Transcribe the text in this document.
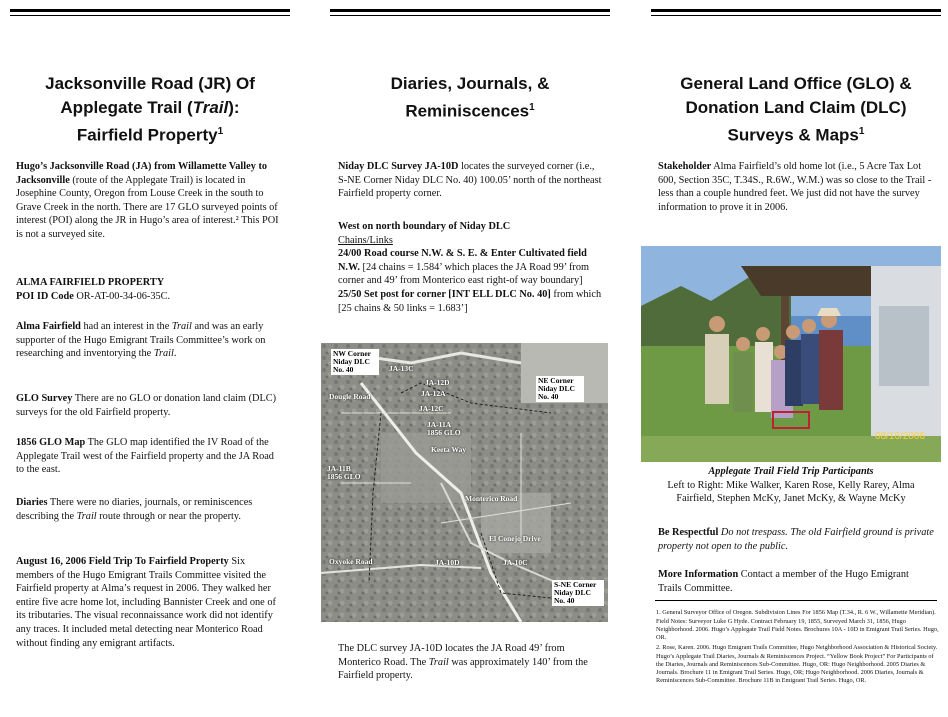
Jacksonville Road (JR) Of
Applegate Trail (Trail):
Fairfield Property$^1$

Hugo’s Jacksonville Road (JA) from Willamette Valley to Jacksonville (route of the Applegate Trail) is located in Josephine County, Oregon from Louse Creek in the south to Grave Creek in the north. There are 17 GLO surveyed points of interest (POI) along the JR in Hugo’s area of interest.² This POI is not a surveyed site.

ALMA FAIRFIELD PROPERTY
POI ID Code OR-AT-00-34-06-35C.

Alma Fairfield had an interest in the Trail and was an early supporter of the Hugo Emigrant Trails Committee’s work on researching and inventorying the Trail.

GLO Survey There are no GLO or donation land claim (DLC) surveys for the old Fairfield property.

1856 GLO Map The GLO map identified the IV Road of the Applegate Trail west of the Fairfield property and the JA Road to the east.

Diaries There were no diaries, journals, or reminiscences describing the Trail route through or near the property.

August 16, 2006 Field Trip To Fairfield Property Six members of the Hugo Emigrant Trails Committee visited the Fairfield property at Alma’s request in 2006. They walked her entire five acre home lot, including Bannister Creek and one of its tributaries. The visual reconnaissance work did not identify any traces. It included metal detecting near Monterico Road without finding any emigrant artifacts.

Diaries, Journals, &
Reminiscences$^1$

Niday DLC Survey JA-10D locates the surveyed corner (i.e., S-NE Corner Niday DLC No. 40) 100.05’ north of the northeast Fairfield property corner.

West on north boundary of Niday DLC
Chains/Links
24/00 Road course N.W. & S. E. & Enter Cultivated field N.W. [24 chains = 1.584’ which places the JA Road 99’ from corner and 49’ from Monterico east right-of way boundary]
25/50 Set post for corner [INT ELL DLC No. 40] from which [25 chains & 50 links = 1.683’]

NW Corner Niday DLC No. 40
NE Corner Niday DLC No. 40
S-NE Corner Niday DLC No. 40
JA-13C
JA-12D
JA-12A
JA-12C
JA-11A 1856 GLO
Keeta Way
JA-11B 1856 GLO
Monterico Road
El Conejo Drive
Oxyoke Road	JA-10D	JA-10C
Dougle Road

The DLC survey JA-10D locates the JA Road 49’ from Monterico Road. The Trail was approximately 140’ from the Fairfield property.

General Land Office (GLO) &
Donation Land Claim (DLC)
Surveys & Maps$^1$

Stakeholder Alma Fairfield’s old home lot (i.e., 5 Acre Tax Lot 600, Section 35C, T.34S., R.6W., W.M.) was so close to the Trail - less than a couple hundred feet. We just did not have the survey information to prove it in 2006.

08/16/2006
Applegate Trail Field Trip Participants
Left to Right: Mike Walker, Karen Rose, Kelly Rarey, Alma
Fairfield, Stephen McKy, Janet McKy, & Wayne McKy

Be Respectful Do not trespass. The old Fairfield ground is private property not open to the public.

More Information Contact a member of the Hugo Emigrant Trails Committee.

1. General Surveyor Office of Oregon. Subdivision Lines For 1856 Map (T.34., R. 6 W., Willamette Meridian). Field Notes: Surveyor Luke G Hyde. Contract February 19, 1855, Surveyed March 31, 1856, Hugo Neighborhood. 2006. Hugo’s Applegate Trail Field Notes. Brochures 10A - 10D in Emigrant Trail Series. Hugo, OR.

2. Rose, Karen. 2006. Hugo Emigrant Trails Committee, Hugo Neighborhood Association & Historical Society. Hugo’s Applegate Trail Diaries, Journals & Reminiscences Project. “Yellow Book Project” For Participants of the Diaries, Journals and Reminiscences Sub-Committee. Hugo, OR: Hugo Neighborhood. 2005 Diaries & Journals. Brochure 11 in Emigrant Trail Series. Hugo, OR; Hugo Neighborhood. 2006 Diaries, Journals & Reminiscences Sub-Committee. Brochure 11B in Emigrant Trail Series. Hugo, OR.
